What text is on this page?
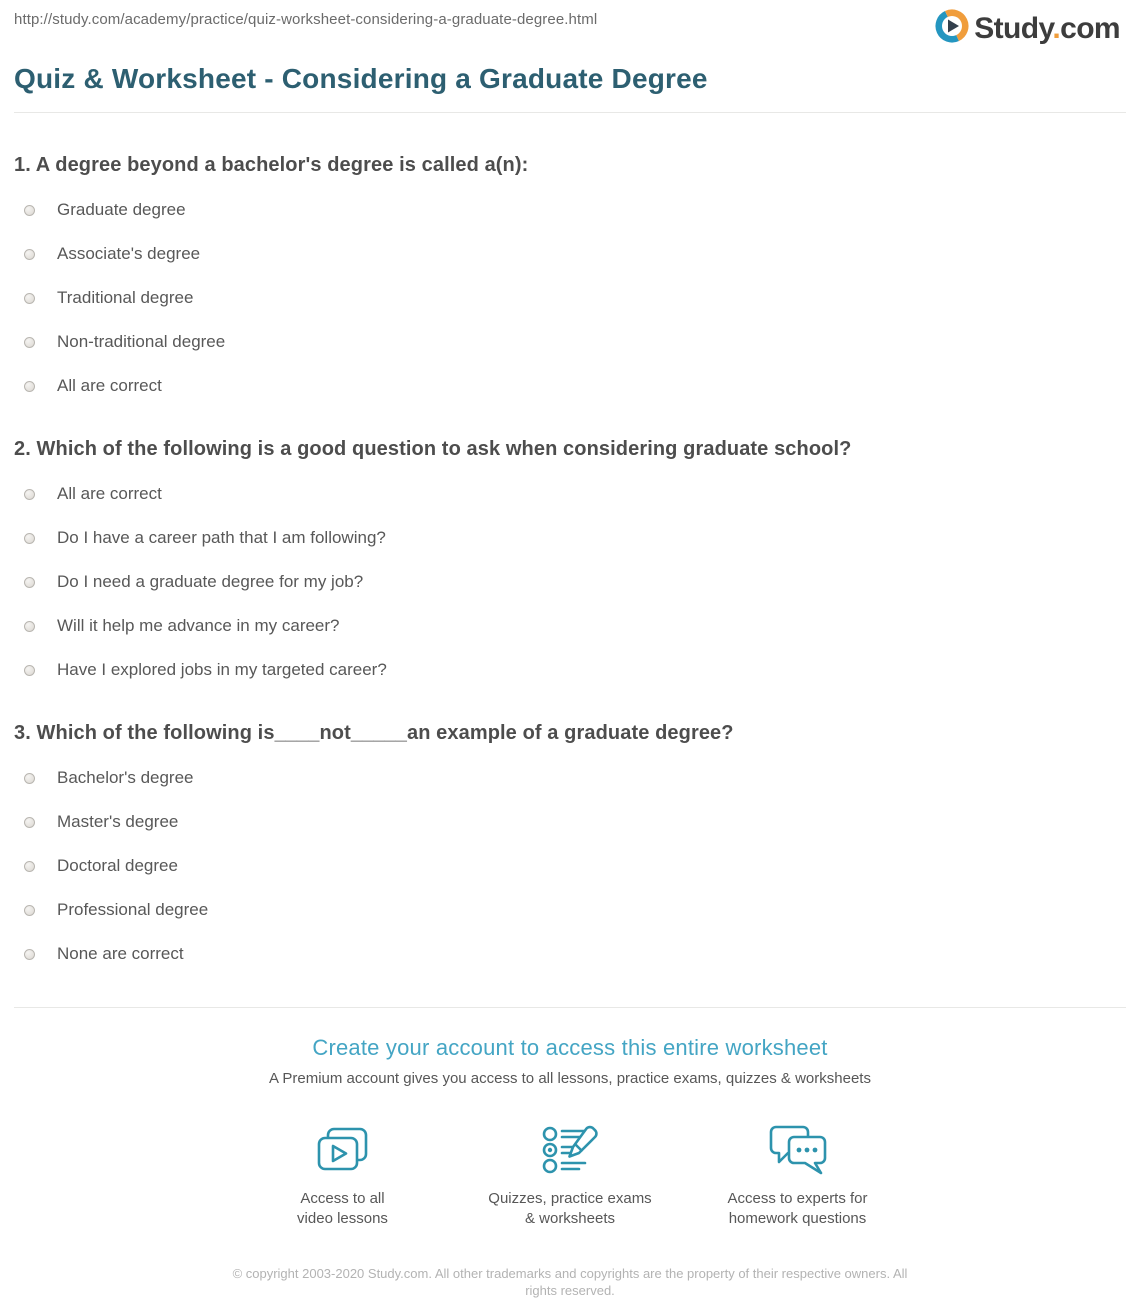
http://study.com/academy/practice/quiz-worksheet-considering-a-graduate-degree.html	Study.com
Quiz & Worksheet - Considering a Graduate Degree
1. A degree beyond a bachelor's degree is called a(n):
Graduate degree
Associate's degree
Traditional degree
Non-traditional degree
All are correct
2. Which of the following is a good question to ask when considering graduate school?
All are correct
Do I have a career path that I am following?
Do I need a graduate degree for my job?
Will it help me advance in my career?
Have I explored jobs in my targeted career?
3. Which of the following is____not_____an example of a graduate degree?
Bachelor's degree
Master's degree
Doctoral degree
Professional degree
None are correct
Create your account to access this entire worksheet
A Premium account gives you access to all lessons, practice exams, quizzes & worksheets
Access to all
video lessons
Quizzes, practice exams
& worksheets
Access to experts for
homework questions
© copyright 2003-2020 Study.com. All other trademarks and copyrights are the property of their respective owners. All rights reserved.
